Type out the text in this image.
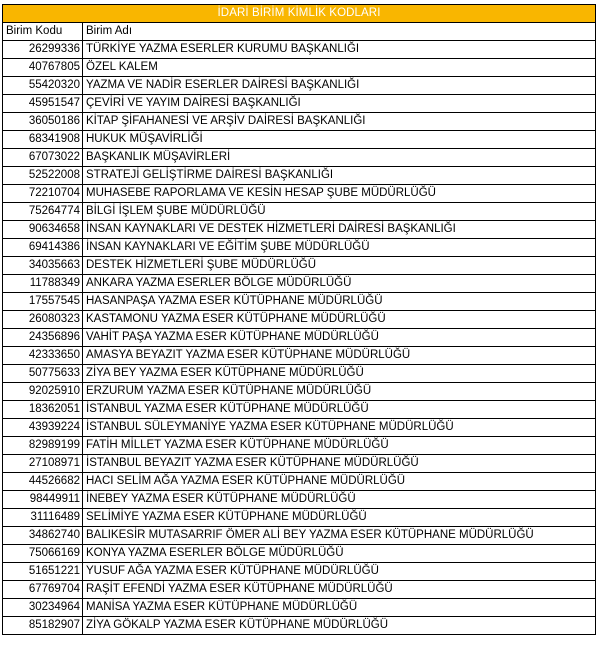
İDARİ BİRİM KİMLİK KODLARI	
Birim Kodu	Birim Adı
26299336	TÜRKİYE YAZMA ESERLER KURUMU BAŞKANLIĞI
40767805	ÖZEL KALEM
55420320	YAZMA VE NADİR ESERLER DAİRESİ BAŞKANLIĞI
45951547	ÇEVİRİ VE YAYIM DAİRESİ BAŞKANLIĞI
36050186	KİTAP ŞİFAHANESİ VE ARŞİV DAİRESİ BAŞKANLIĞI
68341908	HUKUK MÜŞAVİRLİĞİ
67073022	BAŞKANLIK MÜŞAVİRLERİ
52522008	STRATEJİ GELİŞTİRME DAİRESİ BAŞKANLIĞI
72210704	MUHASEBE RAPORLAMA VE KESİN HESAP ŞUBE MÜDÜRLÜĞÜ
75264774	BİLGİ İŞLEM ŞUBE MÜDÜRLÜĞÜ
90634658	İNSAN KAYNAKLARI VE DESTEK HİZMETLERİ DAİRESİ BAŞKANLIĞI
69414386	İNSAN KAYNAKLARI VE EĞİTİM ŞUBE MÜDÜRLÜĞÜ
34035663	DESTEK HİZMETLERİ ŞUBE MÜDÜRLÜĞÜ
11788349	ANKARA YAZMA ESERLER BÖLGE MÜDÜRLÜĞÜ
17557545	HASANPAŞA YAZMA ESER KÜTÜPHANE MÜDÜRLÜĞÜ
26080323	KASTAMONU YAZMA ESER KÜTÜPHANE MÜDÜRLÜĞÜ
24356896	VAHİT PAŞA YAZMA ESER KÜTÜPHANE MÜDÜRLÜĞÜ
42333650	AMASYA BEYAZIT YAZMA ESER KÜTÜPHANE MÜDÜRLÜĞÜ
50775633	ZİYA BEY YAZMA ESER KÜTÜPHANE MÜDÜRLÜĞÜ
92025910	ERZURUM YAZMA ESER KÜTÜPHANE MÜDÜRLÜĞÜ
18362051	İSTANBUL YAZMA ESER KÜTÜPHANE MÜDÜRLÜĞÜ
43939224	İSTANBUL SÜLEYMANİYE YAZMA ESER KÜTÜPHANE MÜDÜRLÜĞÜ
82989199	FATİH MİLLET YAZMA ESER KÜTÜPHANE MÜDÜRLÜĞÜ
27108971	İSTANBUL BEYAZIT YAZMA ESER KÜTÜPHANE MÜDÜRLÜĞÜ
44526682	HACI SELİM AĞA YAZMA ESER KÜTÜPHANE MÜDÜRLÜĞÜ
98449911	İNEBEY YAZMA ESER KÜTÜPHANE MÜDÜRLÜĞÜ
31116489	SELİMİYE YAZMA ESER KÜTÜPHANE MÜDÜRLÜĞÜ
34862740	BALIKESİR MUTASARRIF ÖMER ALİ BEY YAZMA ESER KÜTÜPHANE MÜDÜRLÜĞÜ
75066169	KONYA YAZMA ESERLER BÖLGE MÜDÜRLÜĞÜ
51651221	YUSUF AĞA YAZMA ESER KÜTÜPHANE MÜDÜRLÜĞÜ
67769704	RAŞİT EFENDİ YAZMA ESER KÜTÜPHANE MÜDÜRLÜĞÜ
30234964	MANİSA YAZMA ESER KÜTÜPHANE MÜDÜRLÜĞÜ
85182907	ZİYA GÖKALP YAZMA ESER KÜTÜPHANE MÜDÜRLÜĞÜ
